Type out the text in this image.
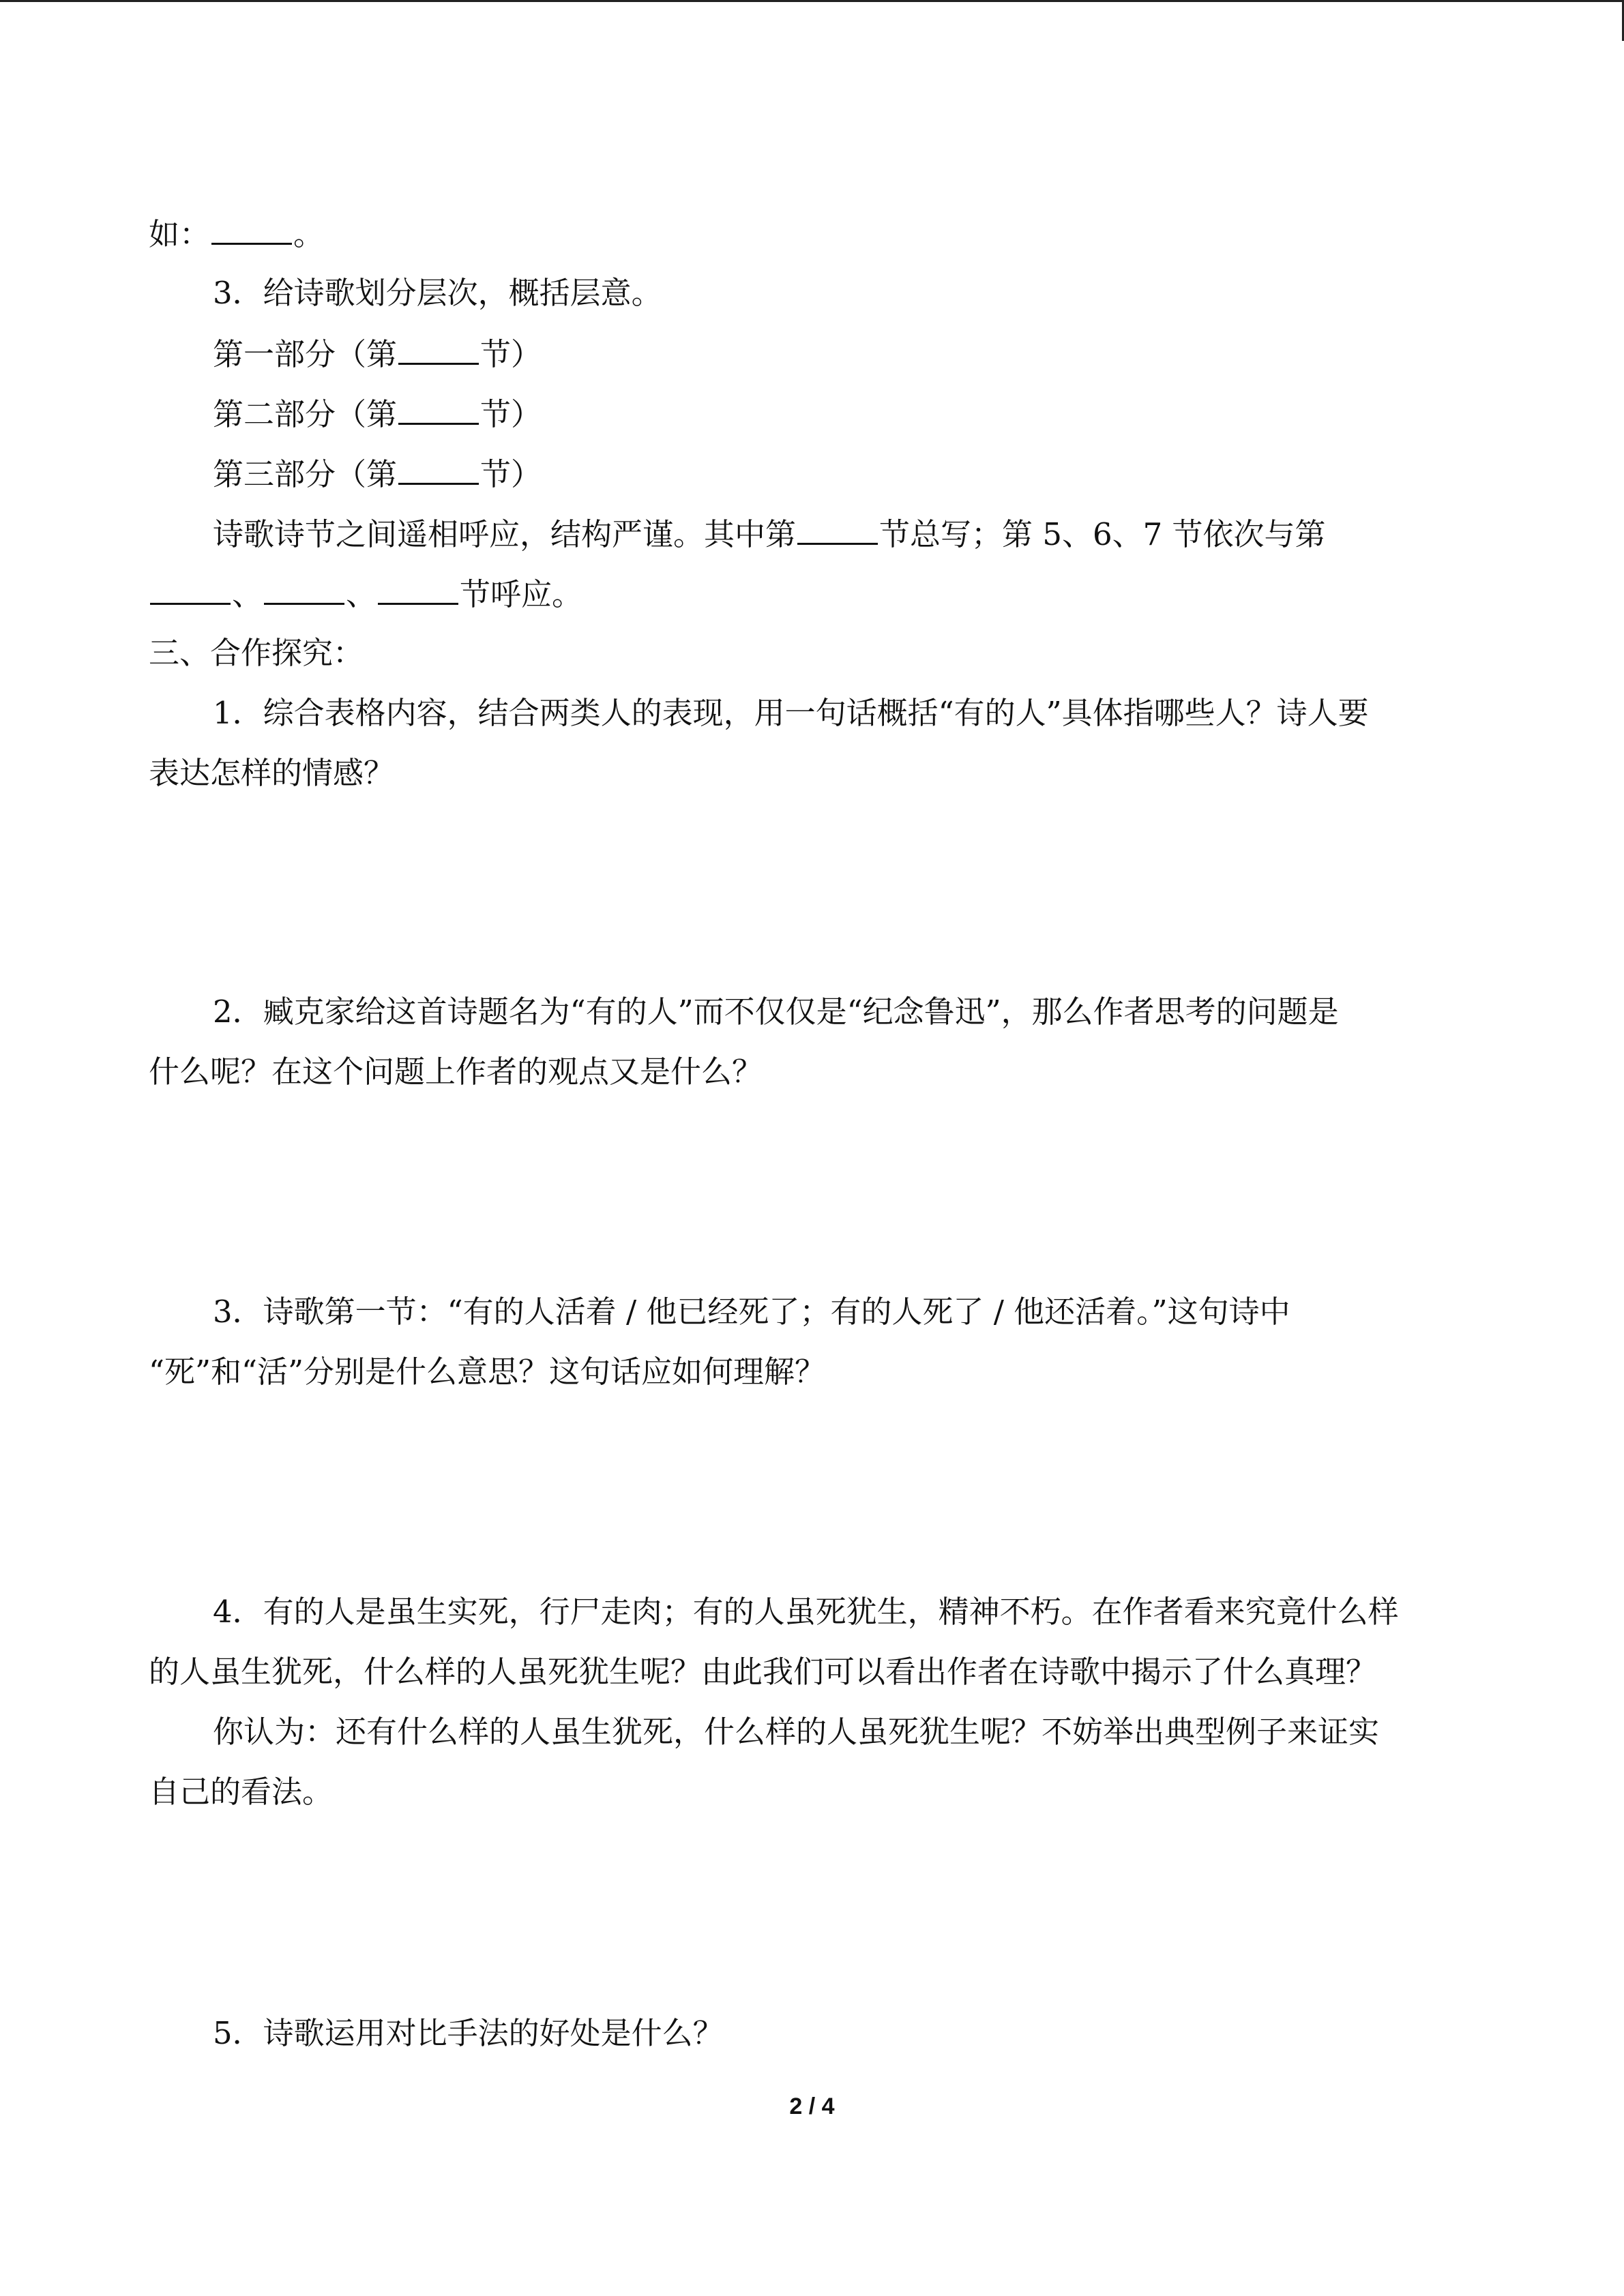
如：	。
3．给诗歌划分层次，概括层意。
第一部分（第	节）
第二部分（第	节）
第三部分（第	节）
诗歌诗节之间遥相呼应，结构严谨。其中第	节总写；第 5、6、7 节依次与第
、	、	节呼应。
三、合作探究：
1．综合表格内容，结合两类人的表现，用一句话概括“有的人”具体指哪些人？诗人要
表达怎样的情感？
2．臧克家给这首诗题名为“有的人”而不仅仅是“纪念鲁迅”，那么作者思考的问题是
什么呢？在这个问题上作者的观点又是什么？
3．诗歌第一节：“有的人活着 / 他已经死了；有的人死了 / 他还活着。”这句诗中
“死”和“活”分别是什么意思？这句话应如何理解？
4．有的人是虽生实死，行尸走肉；有的人虽死犹生，精神不朽。在作者看来究竟什么样
的人虽生犹死，什么样的人虽死犹生呢？由此我们可以看出作者在诗歌中揭示了什么真理？
你认为：还有什么样的人虽生犹死，什么样的人虽死犹生呢？不妨举出典型例子来证实
自己的看法。
5．诗歌运用对比手法的好处是什么？
2 / 4
